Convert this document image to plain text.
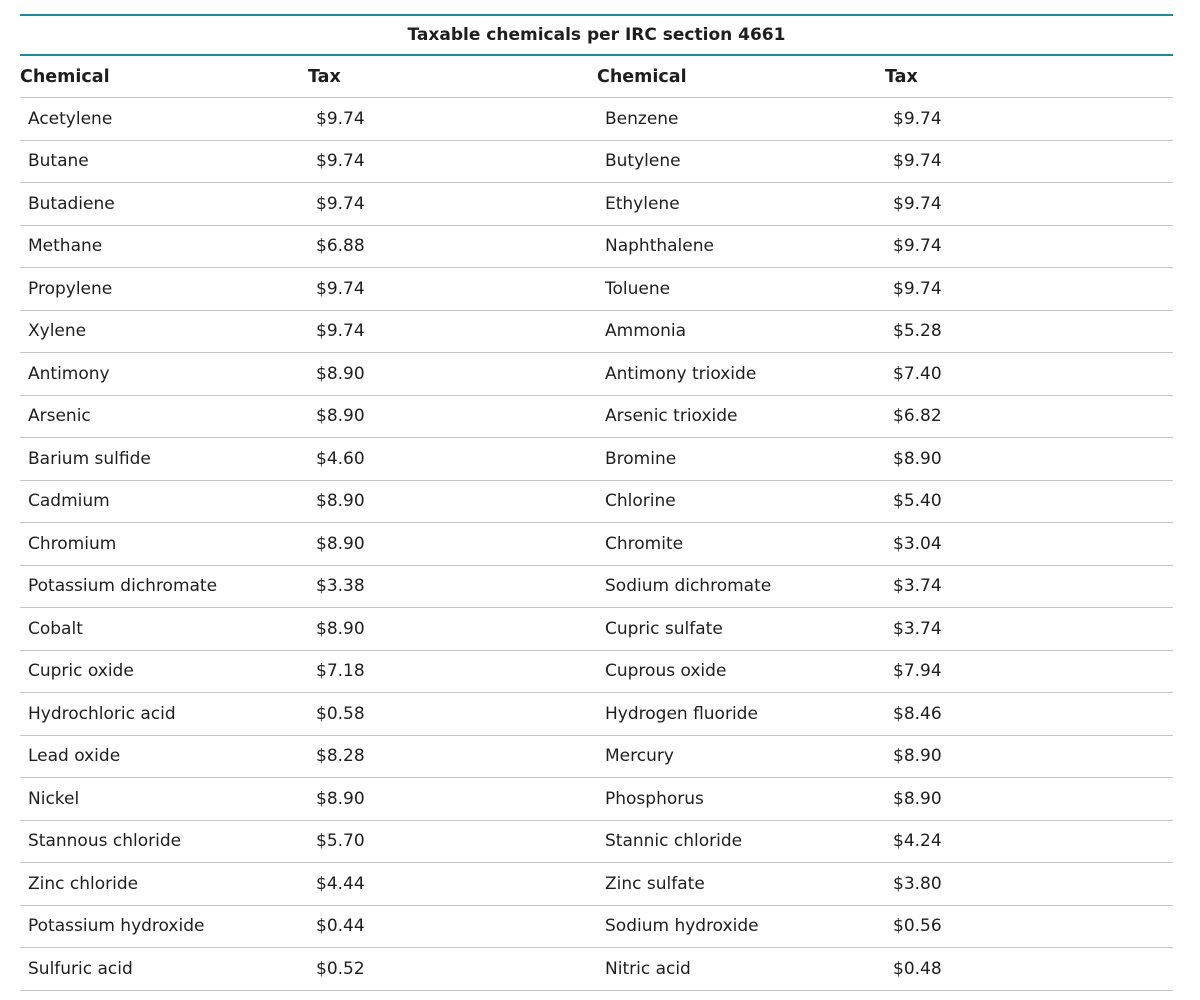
Taxable chemicals per IRC section 4661
Chemical	Tax	Chemical	Tax
Acetylene	$9.74	Benzene	$9.74
Butane	$9.74	Butylene	$9.74
Butadiene	$9.74	Ethylene	$9.74
Methane	$6.88	Naphthalene	$9.74
Propylene	$9.74	Toluene	$9.74
Xylene	$9.74	Ammonia	$5.28
Antimony	$8.90	Antimony trioxide	$7.40
Arsenic	$8.90	Arsenic trioxide	$6.82
Barium sulfide	$4.60	Bromine	$8.90
Cadmium	$8.90	Chlorine	$5.40
Chromium	$8.90	Chromite	$3.04
Potassium dichromate	$3.38	Sodium dichromate	$3.74
Cobalt	$8.90	Cupric sulfate	$3.74
Cupric oxide	$7.18	Cuprous oxide	$7.94
Hydrochloric acid	$0.58	Hydrogen fluoride	$8.46
Lead oxide	$8.28	Mercury	$8.90
Nickel	$8.90	Phosphorus	$8.90
Stannous chloride	$5.70	Stannic chloride	$4.24
Zinc chloride	$4.44	Zinc sulfate	$3.80
Potassium hydroxide	$0.44	Sodium hydroxide	$0.56
Sulfuric acid	$0.52	Nitric acid	$0.48
